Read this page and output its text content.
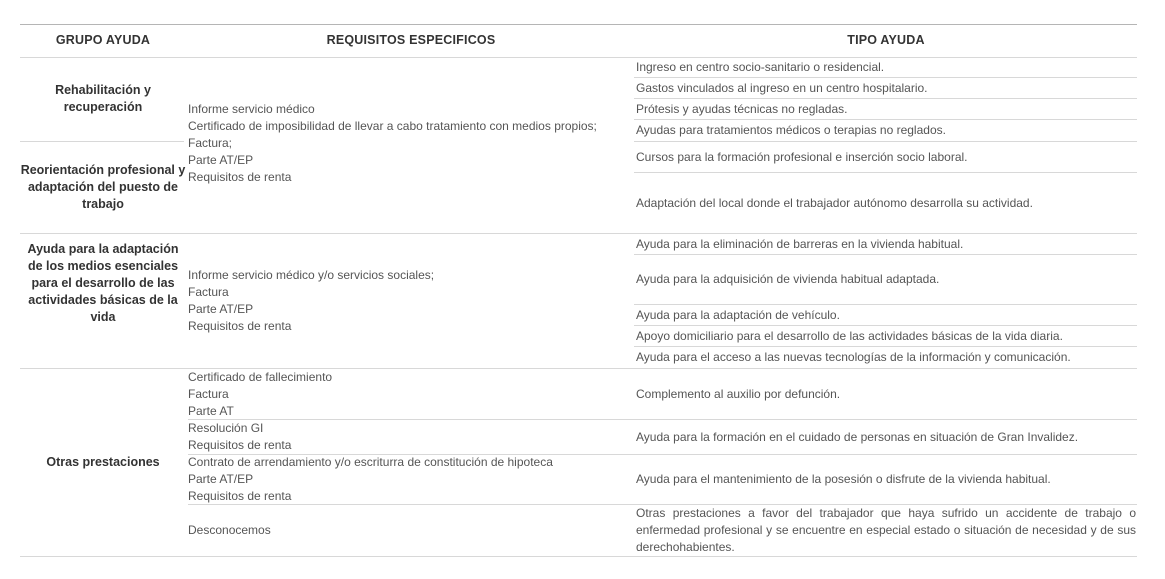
GRUPO AYUDA	REQUISITOS ESPECIFICOS	TIPO AYUDA
Rehabilitación y recuperación
Reorientación profesional y adaptación del puesto de trabajo
Ayuda para la adaptación de los medios esenciales para el desarrollo de las actividades básicas de la vida
Otras prestaciones
Informe servicio médico
Certificado de imposibilidad de llevar a cabo tratamiento con medios propios;
Factura;
Parte AT/EP
Requisitos de renta
Informe servicio médico y/o servicios sociales;
Factura
Parte AT/EP
Requisitos de renta
Certificado de fallecimiento
Factura
Parte AT
Resolución GI
Requisitos de renta
Contrato de arrendamiento y/o escriturra de constitución de hipoteca
Parte AT/EP
Requisitos de renta
Desconocemos
Ingreso en centro socio-sanitario o residencial.
Gastos vinculados al ingreso en un centro hospitalario.
Prótesis y ayudas técnicas no regladas.
Ayudas para tratamientos médicos o terapias no reglados.
Cursos para la formación profesional e inserción socio laboral.
Adaptación del local donde el trabajador autónomo desarrolla su actividad.
Ayuda para la eliminación de barreras en la vivienda habitual.
Ayuda para la adquisición de vivienda habitual adaptada.
Ayuda para la adaptación de vehículo.
Apoyo domiciliario para el desarrollo de las actividades básicas de la vida diaria.
Ayuda para el acceso a las nuevas tecnologías de la información y comunicación.
Complemento al auxilio por defunción.
Ayuda para la formación en el cuidado de personas en situación de Gran Invalidez.
Ayuda para el mantenimiento de la posesión o disfrute de la vivienda habitual.
Otras prestaciones a favor del trabajador que haya sufrido un accidente de trabajo o enfermedad profesional y se encuentre en especial estado o situación de necesidad y de sus derechohabientes.
